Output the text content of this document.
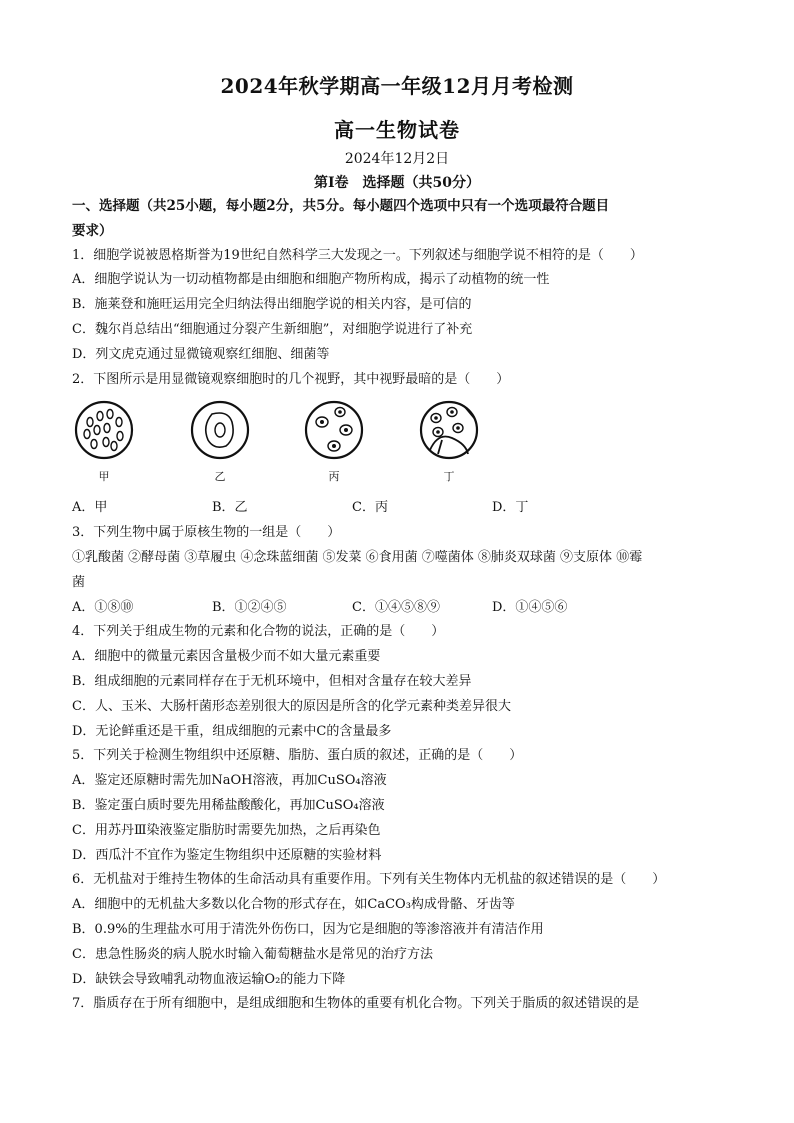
2024年秋学期高一年级12月月考检测
高一生物试卷
2024年12月2日
第Ⅰ卷　选择题（共50分）
一、选择题（共25小题，每小题2分，共5分。每小题四个选项中只有一个选项最符合题目
要求）
1．细胞学说被恩格斯誉为19世纪自然科学三大发现之一。下列叙述与细胞学说不相符的是（　　）
A．细胞学说认为一切动植物都是由细胞和细胞产物所构成，揭示了动植物的统一性
B．施莱登和施旺运用完全归纳法得出细胞学说的相关内容，是可信的
C．魏尔肖总结出“细胞通过分裂产生新细胞”，对细胞学说进行了补充
D．列文虎克通过显微镜观察红细胞、细菌等
2．下图所示是用显微镜观察细胞时的几个视野，其中视野最暗的是（　　）
甲	乙	丙	丁
A．甲	B．乙	C．丙	D．丁
3．下列生物中属于原核生物的一组是（　　）
①乳酸菌 ②酵母菌 ③草履虫 ④念珠蓝细菌 ⑤发菜 ⑥食用菌 ⑦噬菌体 ⑧肺炎双球菌 ⑨支原体 ⑩霉
菌
A．①⑧⑩	B．①②④⑤	C．①④⑤⑧⑨	D．①④⑤⑥
4．下列关于组成生物的元素和化合物的说法，正确的是（　　）
A．细胞中的微量元素因含量极少而不如大量元素重要
B．组成细胞的元素同样存在于无机环境中，但相对含量存在较大差异
C．人、玉米、大肠杆菌形态差别很大的原因是所含的化学元素种类差异很大
D．无论鲜重还是干重，组成细胞的元素中C的含量最多
5．下列关于检测生物组织中还原糖、脂肪、蛋白质的叙述，正确的是（　　）
A．鉴定还原糖时需先加NaOH溶液，再加CuSO₄溶液
B．鉴定蛋白质时要先用稀盐酸酸化，再加CuSO₄溶液
C．用苏丹Ⅲ染液鉴定脂肪时需要先加热，之后再染色
D．西瓜汁不宜作为鉴定生物组织中还原糖的实验材料
6．无机盐对于维持生物体的生命活动具有重要作用。下列有关生物体内无机盐的叙述错误的是（　　）
A．细胞中的无机盐大多数以化合物的形式存在，如CaCO₃构成骨骼、牙齿等
B．0.9%的生理盐水可用于清洗外伤伤口，因为它是细胞的等渗溶液并有清洁作用
C．患急性肠炎的病人脱水时输入葡萄糖盐水是常见的治疗方法
D．缺铁会导致哺乳动物血液运输O₂的能力下降
7．脂质存在于所有细胞中，是组成细胞和生物体的重要有机化合物。下列关于脂质的叙述错误的是
